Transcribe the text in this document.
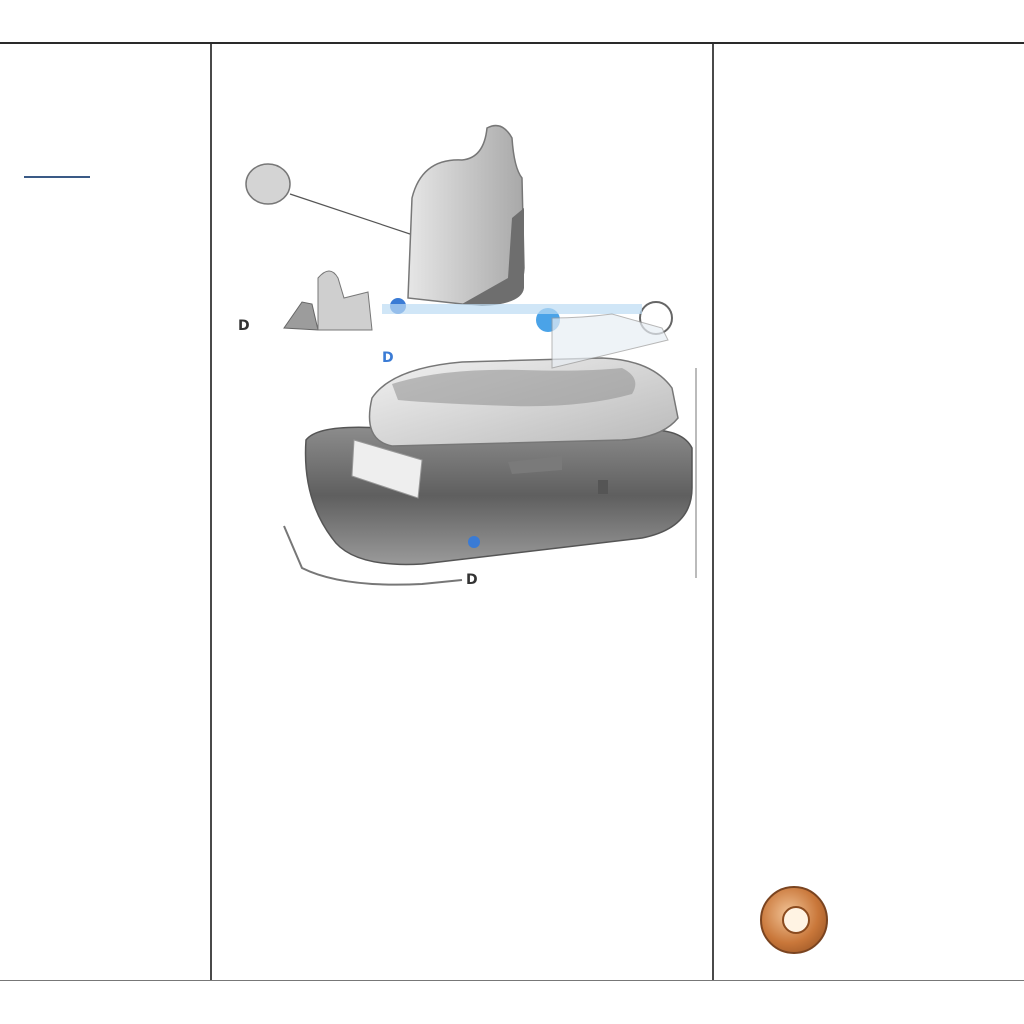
D
D
D
